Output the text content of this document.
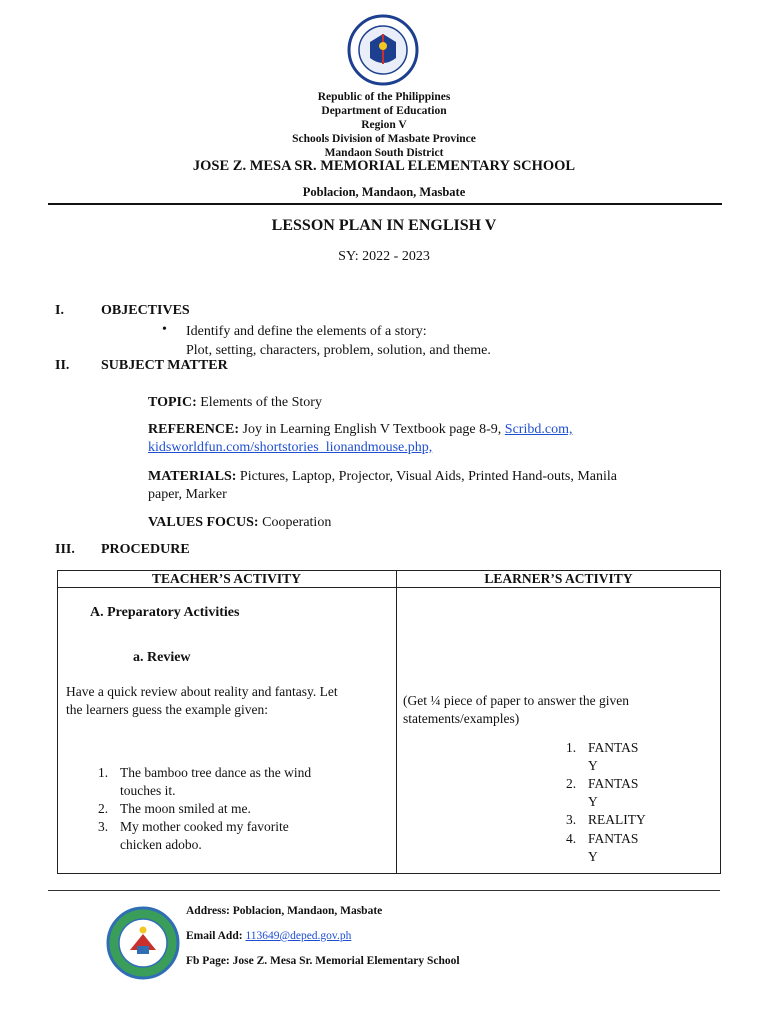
Republic of the Philippines
Department of Education
Region V
Schools Division of Masbate Province
Mandaon South District
JOSE Z. MESA SR. MEMORIAL ELEMENTARY SCHOOL
Poblacion, Mandaon, Masbate
LESSON PLAN IN ENGLISH V
SY: 2022 - 2023
I.	OBJECTIVES
• Identify and define the elements of a story:
Plot, setting, characters, problem, solution, and theme.
II. SUBJECT MATTER
TOPIC: Elements of the Story
REFERENCE: Joy in Learning English V Textbook page 8-9, Scribd.com,
kidsworldfun.com/shortstories_lionandmouse.php,
MATERIALS: Pictures, Laptop, Projector, Visual Aids, Printed Hand-outs, Manila paper, Marker
VALUES FOCUS: Cooperation
III. PROCEDURE
TEACHER’S ACTIVITY	LEARNER’S ACTIVITY
A. Preparatory Activities
a. Review
Have a quick review about reality and fantasy. Let the learners guess the example given:
1. The bamboo tree dance as the wind touches it.
2. The moon smiled at me.
3. My mother cooked my favorite chicken adobo.
(Get ¼ piece of paper to answer the given statements/examples)
1. FANTAS
Y
2. FANTAS
Y
3. REALITY
4. FANTAS
Y
Address: Poblacion, Mandaon, Masbate
Email Add: 113649@deped.gov.ph
Fb Page: Jose Z. Mesa Sr. Memorial Elementary School
